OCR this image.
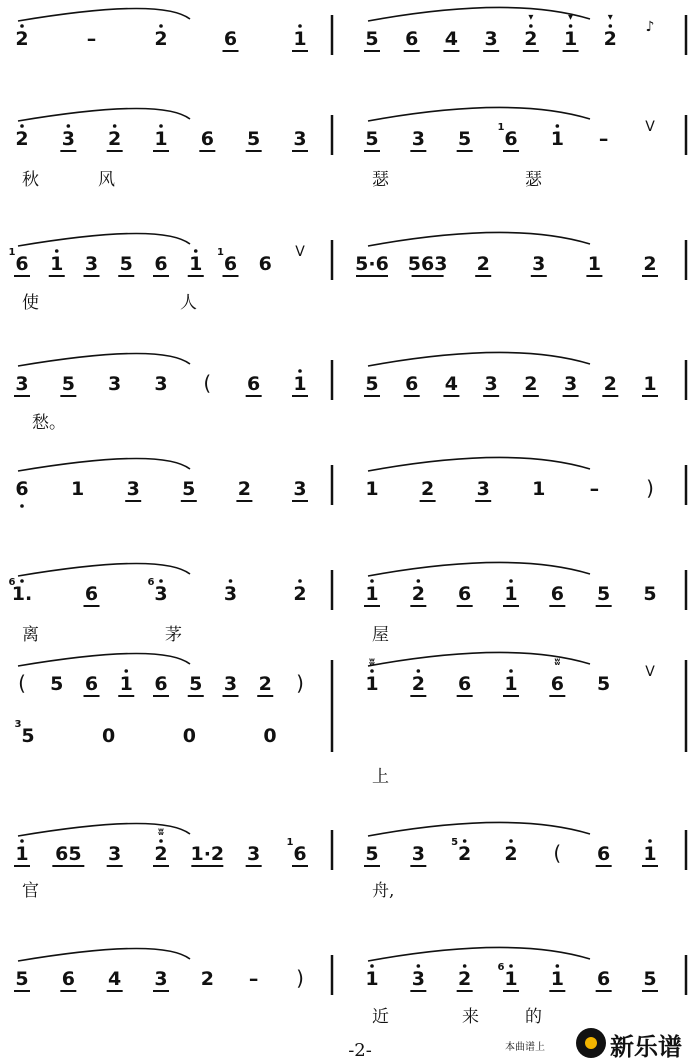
2	–	2	6	1	5 6 4 3 2
▾
1
▾
2
▾
♪
2 3 2 1 6 5 3	5 3 5 6
1
1 –
V
秋	风	瑟	瑟
6
1
1 3 5 6 1 6
1
6
V
5·6 563 2 3 1 2
使	人
3 5 3 3 ( 6 1	5 6 4 3 2 3 2 1
愁。
6 1 3 5 2 3	1 2 3 1 – )
1.
6
6	3
6
3	2	1 2 6 1 6 5 5
离	茅	屋
( 5 6 1 6 5 3 2 )	1
ʬ
2 6 1 6
ʬ
5
V
5
3
0	0	0
上
1 65 3 2
ʬ
1·2 3 6
1
5 3 2
5
2 ( 6 1
官	舟,
5 6 4 3 2 – )	1 3 2 1
6
1 6 5
近	来	的
-2-	本曲谱上	新乐谱
